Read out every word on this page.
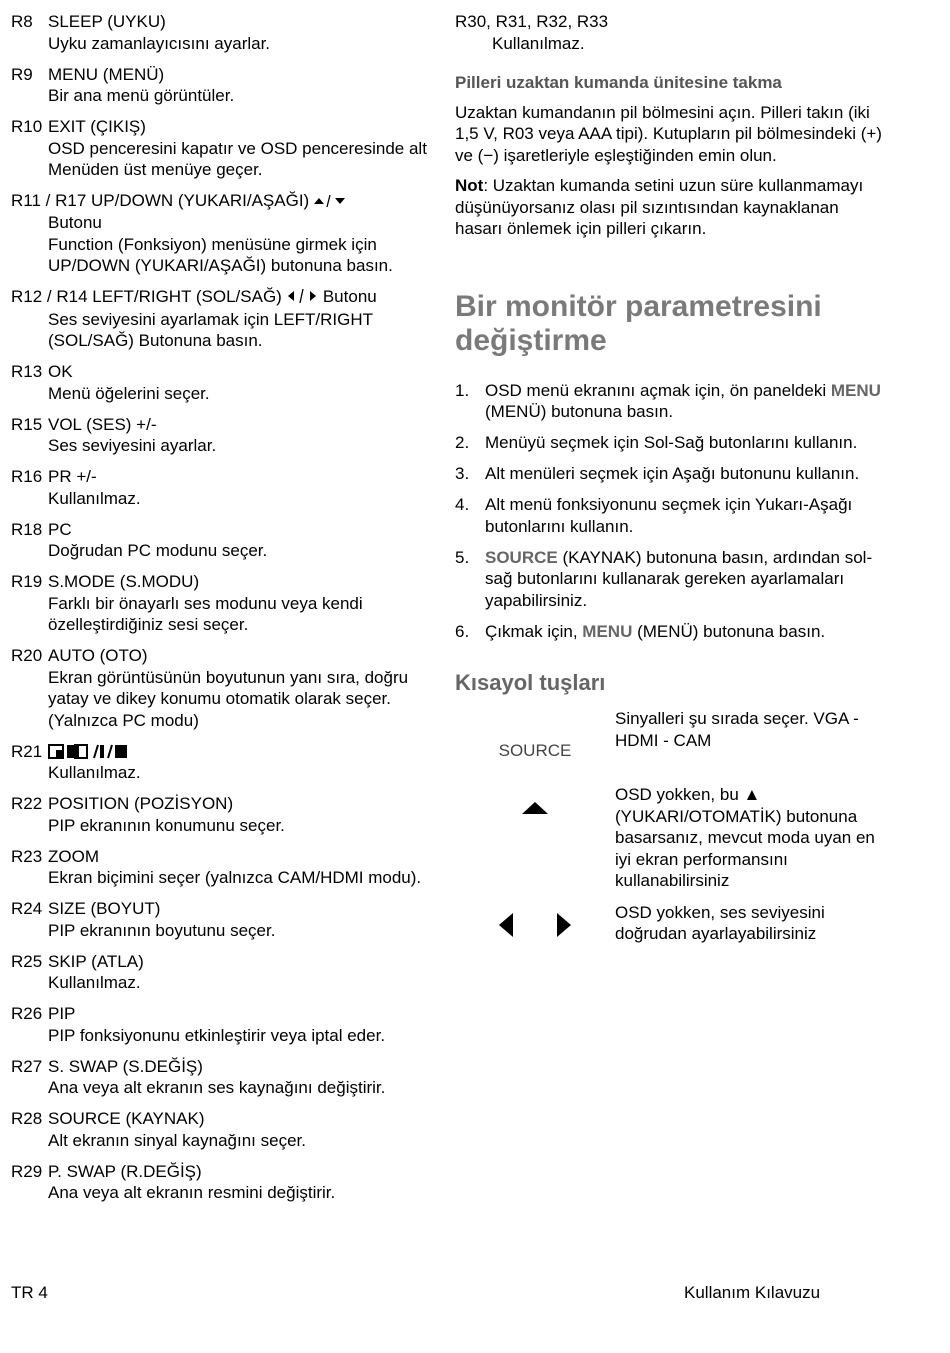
R8 SLEEP (UYKU)
Uyku zamanlayıcısını ayarlar.
R9 MENU (MENÜ)
Bir ana menü görüntüler.
R10 EXIT (ÇIKIŞ)
OSD penceresini kapatır ve OSD penceresinde alt Menüden üst menüye geçer.
R11 / R17 UP/DOWN (YUKARI/AŞAĞI)
Butonu
Function (Fonksiyon) menüsüne girmek için UP/DOWN (YUKARI/AŞAĞI) butonuna basın.
R12 / R14 LEFT/RIGHT (SOL/SAĞ) Butonu
Ses seviyesini ayarlamak için LEFT/RIGHT (SOL/SAĞ) Butonuna basın.
R13 OK
Menü öğelerini seçer.
R15 VOL (SES) +/-
Ses seviyesini ayarlar.
R16 PR +/-
Kullanılmaz.
R18 PC
Doğrudan PC modunu seçer.
R19 S.MODE (S.MODU)
Farklı bir önayarlı ses modunu veya kendi özelleştirdiğiniz sesi seçer.
R20 AUTO (OTO)
Ekran görüntüsünün boyutunun yanı sıra, doğru yatay ve dikey konumu otomatik olarak seçer. (Yalnızca PC modu)
R21
Kullanılmaz.
R22 POSITION (POZİSYON)
PIP ekranının konumunu seçer.
R23 ZOOM
Ekran biçimini seçer (yalnızca CAM/HDMI modu).
R24 SIZE (BOYUT)
PIP ekranının boyutunu seçer.
R25 SKIP (ATLA)
Kullanılmaz.
R26 PIP
PIP fonksiyonunu etkinleştirir veya iptal eder.
R27 S. SWAP (S.DEĞİŞ)
Ana veya alt ekranın ses kaynağını değiştirir.
R28 SOURCE (KAYNAK)
Alt ekranın sinyal kaynağını seçer.
R29 P. SWAP (R.DEĞİŞ)
Ana veya alt ekranın resmini değiştirir.
R30, R31, R32, R33
Kullanılmaz.
Pilleri uzaktan kumanda ünitesine takma
Uzaktan kumandanın pil bölmesini açın. Pilleri takın (iki 1,5 V, R03 veya AAA tipi). Kutupların pil bölmesindeki (+) ve (−) işaretleriyle eşleştiğinden emin olun.
Not: Uzaktan kumanda setini uzun süre kullanmamayı düşünüyorsanız olası pil sızıntısından kaynaklanan hasarı önlemek için pilleri çıkarın.
Bir monitör parametresini değiştirme
1. OSD menü ekranını açmak için, ön paneldeki MENU (MENÜ) butonuna basın.
2. Menüyü seçmek için Sol-Sağ butonlarını kullanın.
3. Alt menüleri seçmek için Aşağı butonunu kullanın.
4. Alt menü fonksiyonunu seçmek için Yukarı-Aşağı butonlarını kullanın.
5. SOURCE (KAYNAK) butonuna basın, ardından sol-sağ butonlarını kullanarak gereken ayarlamaları yapabilirsiniz.
6. Çıkmak için, MENU (MENÜ) butonuna basın.
Kısayol tuşları
SOURCE
Sinyalleri şu sırada seçer. VGA - HDMI - CAM
OSD yokken, bu ▲ (YUKARI/OTOMATİK) butonuna basarsanız, mevcut moda uyan en iyi ekran performansını kullanabilirsiniz
OSD yokken, ses seviyesini doğrudan ayarlayabilirsiniz
TR 4	Kullanım Kılavuzu
